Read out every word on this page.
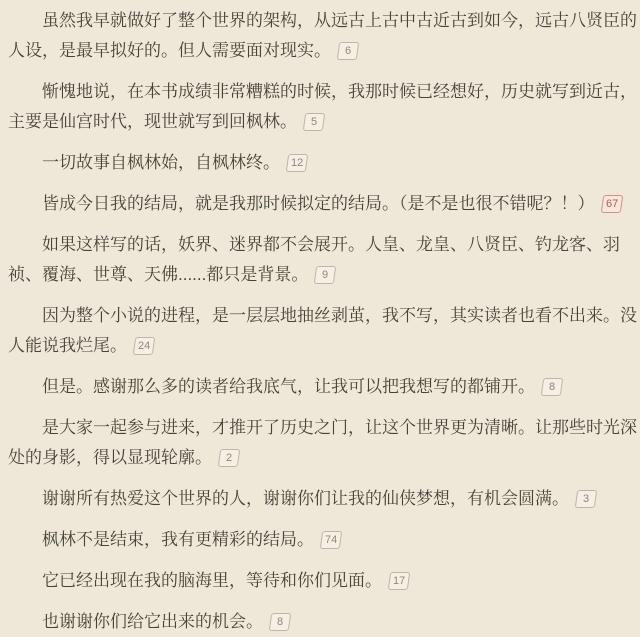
虽然我早就做好了整个世界的架构，从远古上古中古近古到如今，远古八贤臣的人设，是最早拟好的。但人需要面对现实。 6

惭愧地说，在本书成绩非常糟糕的时候，我那时候已经想好，历史就写到近古，主要是仙宫时代，现世就写到回枫林。 5

一切故事自枫林始，自枫林终。 12

皆成今日我的结局，就是我那时候拟定的结局。（是不是也很不错呢？！） 67

如果这样写的话，妖界、迷界都不会展开。人皇、龙皇、八贤臣、钓龙客、羽祯、覆海、世尊、天佛......都只是背景。 9

因为整个小说的进程，是一层层地抽丝剥茧，我不写，其实读者也看不出来。没人能说我烂尾。 24

但是。感谢那么多的读者给我底气，让我可以把我想写的都铺开。 8

是大家一起参与进来，才推开了历史之门，让这个世界更为清晰。让那些时光深处的身影，得以显现轮廓。 2

谢谢所有热爱这个世界的人，谢谢你们让我的仙侠梦想，有机会圆满。 3

枫林不是结束，我有更精彩的结局。 74

它已经出现在我的脑海里，等待和你们见面。 17

也谢谢你们给它出来的机会。 8
